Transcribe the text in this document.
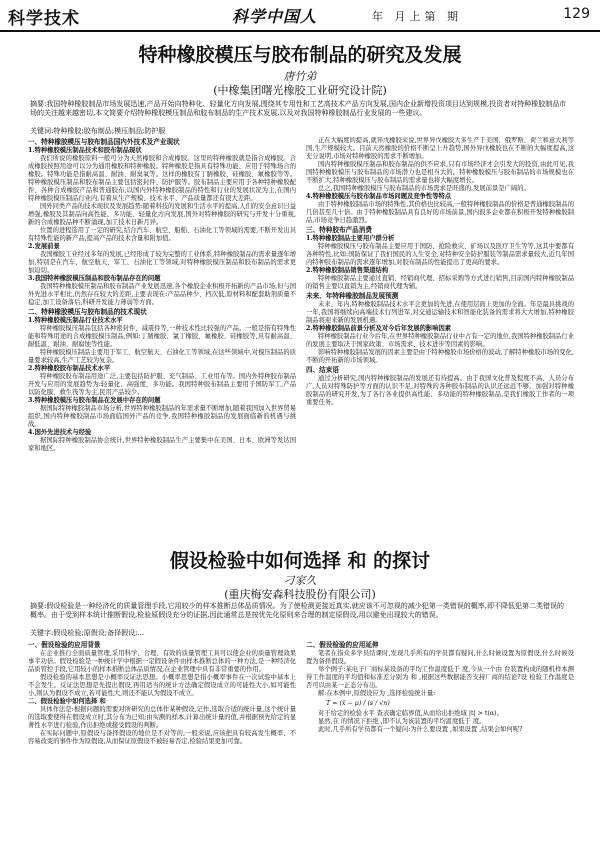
科学技术	科学中国人	年 月上第 期	129
特种橡胶模压与胶布制品的研究及发展
唐竹弟
(中橡集团曙光橡胶工业研究设计院)
摘要:我国特种橡胶制品市场发展迅速,产品开始向特种化、轻量化方向发展,围绕其专用性和工艺高技术产品方向发展,国内企业新增投资项目达到规模,投资者对特种橡胶制品市场的关注越来越密切,本文简要介绍特种橡胶模压制品和胶布制品的生产技术发展,以及对我国特种橡胶制品行业发展的一些建议。
关键词:特种橡胶;胶布制品;模压制品;防护服

一、特种橡胶模压与胶布制品国内外技术及产业现状

1.特种橡胶模压制品技术和胶布制品现状

我们所说的橡胶原料一般可分为天然橡胶和合成橡胶。这里的特种橡胶就是指合成橡胶。合成橡胶按照用途可以分为通用橡胶和特种橡胶。特种橡胶是指具有特殊功能、应用于特殊场合的橡胶。特殊功能是指耐高温、耐油、耐臭氧等。这样的橡胶有丁腈橡胶、硅橡胶、氟橡胶等等。特种橡胶模压制品和胶布制品主要包括密封件、防护服等。胶布制品主要应用于各种特种橡胶配件、各种合成橡胶产品和普通胶布,以国内外特种橡胶制品的特性和行业的发展状况为主,在国内特种橡胶模压制品行业内,有着从生产规模、技术水平、产品质量都还有很大差距。

国外同类产品的技术现状及发展趋势:随着科技的发展和生活水平的提高,人们的安全意识日益增强,橡胶及其制品向高性能、多功能、轻量化方向发展,国外对特种橡胶的研究与开发十分重视,新的合成橡胶品种不断涌现,加工技术日新月异。

位置的进程选用了一定的研究,结合汽车、航空、船舶、石油化工等领域的需要,不断开发出具有特殊性能的新产品,提高产品的技术含量和附加值。

2.发展前景

我国橡胶工业经过多年的发展,已经形成了较为完整的工业体系,特种橡胶制品的需求量逐年增加,特别是在汽车、航空航天、军工、石油化工等领域,对特种橡胶模压制品和胶布制品的需求更加迫切。

3.我国特种橡胶模压制品和胶布制品存在的问题

我国特种橡胶模压制品和胶布制品产业发展迅速,各个橡胶企业积极开拓新的产品市场,但与国外先进水平相比,仍然存在较大的差距,主要表现在:产品品种少、档次低,原材料和配套助剂质量不稳定,加工设备落后,科研开发能力薄弱等方面。

二、特种橡胶模压与胶布制品的技术现状

1.特种橡胶模压制品行业技术水平

特种橡胶模压制品包括各种密封件、减震件等,一种技术性比较强的产品。一般是指有特殊性能和特殊用途的合成橡胶模压制品,例如:丁腈橡胶、氯丁橡胶、氟橡胶、硅橡胶等,具有耐高温、耐低温、耐油、耐腐蚀等性能。

特种橡胶模压制品主要用于军工、航空航天、石油化工等领域,在这些领域中,对模压制品的质量要求较高,生产工艺较为复杂。

2.特种橡胶胶布制品技术水平

特种橡胶胶布制品用途广泛,主要包括防护服、充气制品、工业用布等。国内外特种胶布制品开发与应用的发展趋势为:轻量化、高强度、多功能。我国特种胶布制品主要用于国防军工,产品以防化服、救生筏等为主,民用产品较少。

3.特种橡胶模压与胶布制品在发展中存在的问题

据国际特种橡胶制品市场分析,世界特种橡胶制品的年需求量不断增加,随着我国加入世界贸易组织,国内特种橡胶制品市场面临国外产品的竞争,我国特种橡胶制品的发展面临新的机遇与挑战。

4.国外先进技术与经验

据国际特种橡胶制品协会统计,世界特种橡胶制品生产主要集中在美国、日本、欧洲等发达国家和地区。

正在大幅度的提高,就异戊橡胶来说,世界异戊橡胶大多生产于美国、俄罗斯、荷兰和意大利等国,生产规模较大。目前天然橡胶的价格不断呈上升趋势,国外异戊橡胶也在不断的大幅度提高,这充分说明,市场对特种橡胶的需求不断增加。

国内特种橡胶模压制品和胶布制品的供不应求,只有市场经济才会引发大的投资,由此可见,我国特种橡胶模压与胶布制品的市场潜力也是相当大的。特种橡胶模压与胶布制品的市场规模也在不断扩大,特种橡胶模压与胶布制品的需求量也将大幅度增长。

总之,我国特种橡胶模压与胶布制品的市场需求是旺盛的,发展前景是广阔的。

4.特种橡胶模压与胶布制品市场问题及竞争性等特点

由于特种橡胶制品市场的特殊性,其价格也比较高,一般特种橡胶制品的价格是普通橡胶制品的几倍甚至几十倍。由于特种橡胶制品具有良好的市场前景,国内很多企业都在积极开发特种橡胶制品,市场竞争日趋激烈。

三、特种胶布产品消费

1.特种橡胶制品主要用户群分析

特种橡胶模压与胶布制品主要应用于国防、抢险救灾、矿场以及医疗卫生等等,这其中要都有各种特性,比如:国防保证了我们国民的人生安全,对特种安全防护服装等制品需求量较大,近几年国内特种胶布制品的需求逐年增加,对胶布制品的性能提出了更高的要求。

2.特种橡胶制品销售渠道结构

特种橡胶制品主要通过直销、经销商代理、招标采购等方式进行销售,目前国内特种橡胶制品的销售主要以直销为主,经销商代理为辅。

未来、年特种橡胶制品发展预测

未来、年内,特种橡胶制品技术水平会更加的先进,在使用层面上更加的全面。年是最具挑战的一年,我国将继续向高端技术行列进军,对交通运输技术和智能化装备的需求将大大增加,特种橡胶制品将迎来新的发展机遇。

2.特种橡胶制品前景分析及对今后年发展的影响因素

特种橡胶制品行业今后年,在世界特种橡胶制品行业中占有一定的地位,我国特种橡胶制品行业的发展主要取决于国家政策、市场需求、技术进步等因素的影响。

影响特种橡胶制品发展的因素主要是由于特种橡胶市场价格的波动,了解特种橡胶市场的变化,不断的开拓新的市场领域。

四、结束语

通过分析研究,国内特种橡胶制品的发展还有待提高。由于我国文化普及程度不高、人员分布广,人员对特殊防护等方面的认识不足,对特殊的各种胶布制品的认识还远远不够。加强对特种橡胶制品的研究开发,为了各行各业提供高性能、多功能的特种橡胶制品,是我们橡胶工作者的一项重要任务。

假设检验中如何选择 和 的探讨
刁家久
(重庆梅安森科技股份有限公司)
摘要:假设检验是一种经济化的质量管理手段,它用较少的样本推断总体品质情况。为了使检测更接近真实,就应该不可忽视的减少犯第一类错误的概率,即不降低犯第二类错误的概率。由于受到样本统计推断假设,检验原假设充分的证据,因此通常总是按优先化原则来合理的制定原假设,用以避免出现较大的错误。
关键字:假设检验;原假设;备择假设;...

一、假设检验的应用背景

在企业推行全面质量管理,采用科学、合理、有效的质量管理工具可以使企业的质量管理效果事半功倍。假设检验是一种统计学中根据一定假设条件由样本推断总体的一种方法,是一种经济化品质管控手段,它用较小的样本推断总体品质情况,在企业管理中具有非常重要的作用。

假设检验的基本思想是小概率反证法思想。小概率思想是指小概率事件在一次试验中基本上不会发生。反证法思想是先提出假设,再用适当的统计方法确定假设成立的可能性大小,如可能性小,则认为假设不成立,若可能性大,则还不能认为假设不成立。

二、假设检验中如何选择 和

具体作法是:根据问题的需要对所研究的总体作某种假设,记作,选取合适的统计量,这个统计量的选取要使得在假设成立时,其分布为已知;由实测的样本,计算出统计量的值,并根据预先给定的显著性水平进行检验,作出拒绝或接受假设的判断。

在实际问题中,原假设与备择假设的地位是不对等的,一般来说,应该把具有较高发生概率、不容易改变的事件作为原假设,从而保证原假设不被轻易否定,检验结果更加可靠。

二、假设检验的应用延伸

笔者在指众多学员结课时,发现几乎所有的学员都有疑问,什么时候设置为原假设,什么时候设置为备择假设。

举个例子:某电子厂商标某设备的平均工作温度低于 度,今从一个由 台装置构成的随机样本测得工作温度的平均值和标准差分别为 和 ,根据这些数据能否支持厂商的结论?设 检验工作温度是否可以由某一正态分布出。

解:在本例中,原假设应为 ,选择检验统计量:

T = (x̄ − μ) / (s / √n)

对于给定的检验水平 查表确定临界值,从而给出拒绝域 |t| > t(α)。

显然,在 的情况下拒绝 ,即不认为该装置的平均温度低于 度。

此时,几乎所有学员都有一个疑问:为什么要设置 ,如果设置 ,结果会如何呢?
